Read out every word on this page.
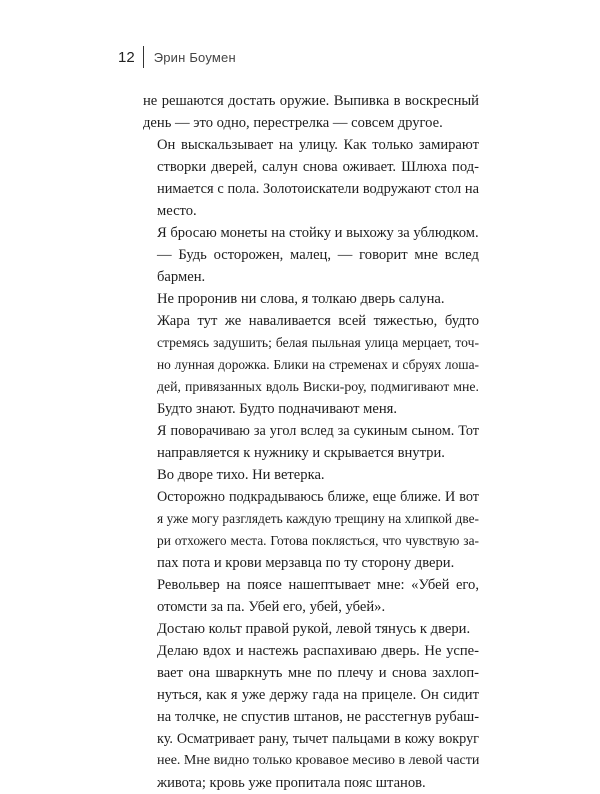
12	Эрин Боумен

не решаются достать оружие. Выпивка в воскресный
день — это одно, перестрелка — совсем другое.

Он выскальзывает на улицу. Как только замирают
створки дверей, салун снова оживает. Шлюха под-
нимается с пола. Золотоискатели водружают стол на
место.

Я бросаю монеты на стойку и выхожу за ублюдком.

— Будь осторожен, малец, — говорит мне вслед
бармен.

Не проронив ни слова, я толкаю дверь салуна.

Жара тут же наваливается всей тяжестью, будто
стремясь задушить; белая пыльная улица мерцает, точ-
но лунная дорожка. Блики на стременах и сбруях лоша-
дей, привязанных вдоль Виски-роу, подмигивают мне.
Будто знают. Будто подначивают меня.

Я поворачиваю за угол вслед за сукиным сыном. Тот
направляется к нужнику и скрывается внутри.

Во дворе тихо. Ни ветерка.

Осторожно подкрадываюсь ближе, еще ближе. И вот
я уже могу разглядеть каждую трещину на хлипкой две-
ри отхожего места. Готова поклясться, что чувствую за-
пах пота и крови мерзавца по ту сторону двери.

Револьвер на поясе нашептывает мне: «Убей его,
отомсти за па. Убей его, убей, убей».

Достаю кольт правой рукой, левой тянусь к двери.

Делаю вдох и настежь распахиваю дверь. Не успе-
вает она шваркнуть мне по плечу и снова захлоп-
нуться, как я уже держу гада на прицеле. Он сидит
на толчке, не спустив штанов, не расстегнув рубаш-
ку. Осматривает рану, тычет пальцами в кожу вокруг
нее. Мне видно только кровавое месиво в левой части
живота; кровь уже пропитала пояс штанов.
